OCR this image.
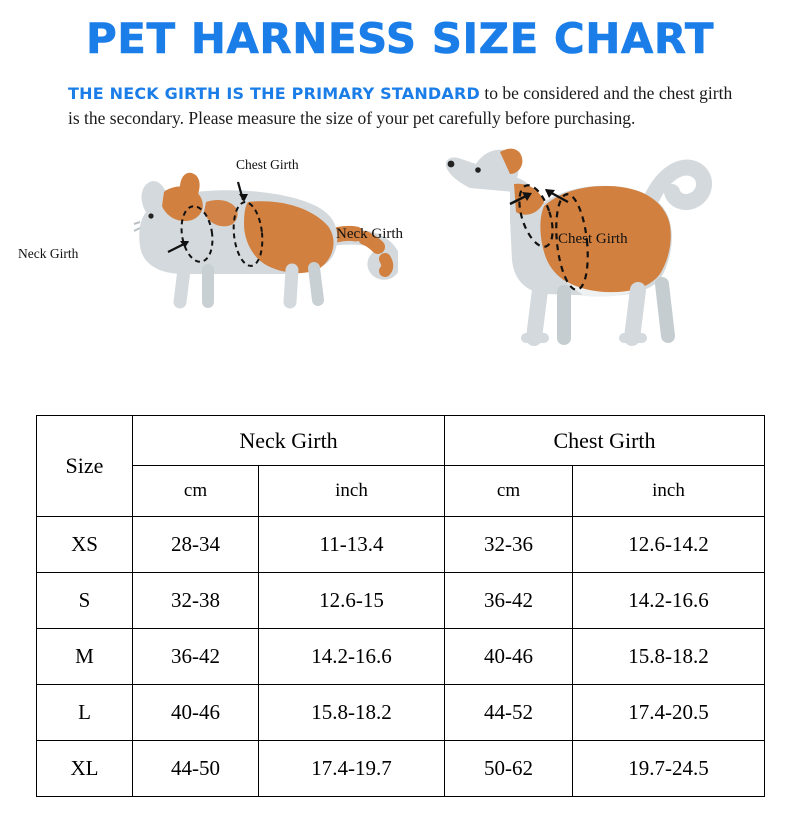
PET HARNESS SIZE CHART

THE NECK GIRTH IS THE PRIMARY STANDARD to be considered and the chest girth is the secondary. Please measure the size of your pet carefully before purchasing.

Neck Girth
Chest Girth
Neck Girth	Chest Girth
Size	Neck Girth		Chest Girth	
	cm	inch	cm	inch
XS	28-34	11-13.4	32-36	12.6-14.2
S	32-38	12.6-15	36-42	14.2-16.6
M	36-42	14.2-16.6	40-46	15.8-18.2
L	40-46	15.8-18.2	44-52	17.4-20.5
XL	44-50	17.4-19.7	50-62	19.7-24.5
